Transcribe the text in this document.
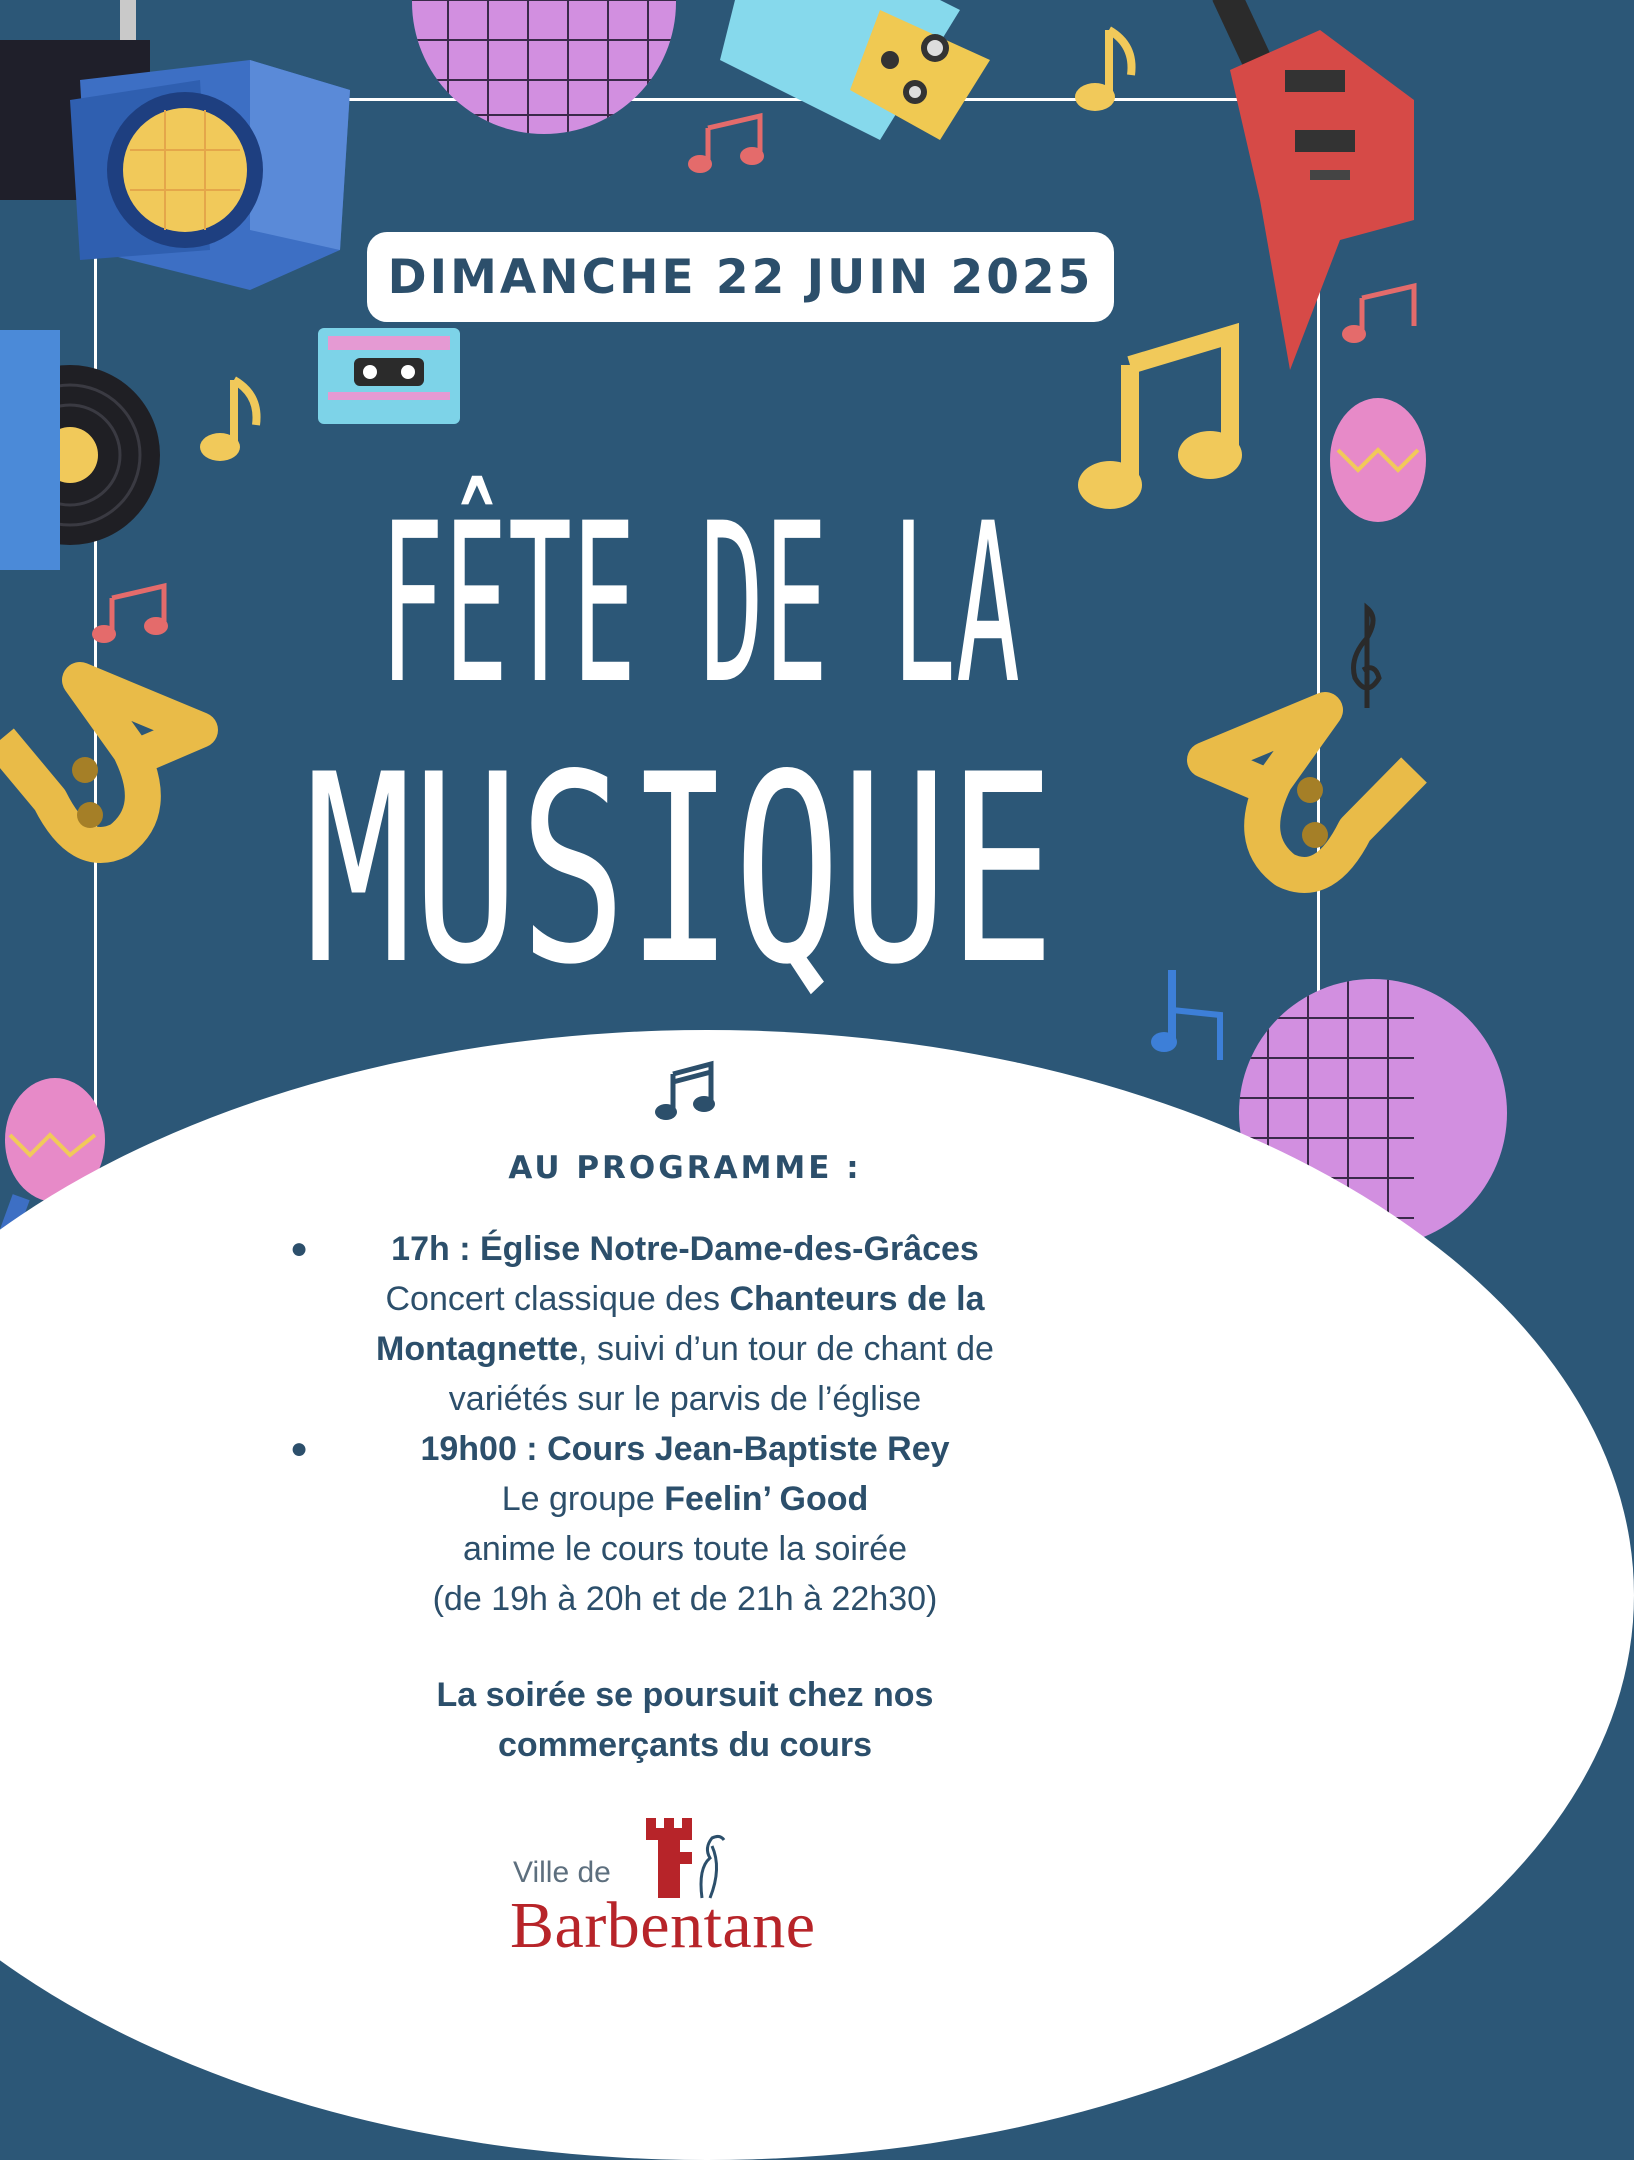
DIMANCHE 22 JUIN 2025
FÊTE DE LA
MUSIQUE
AU PROGRAMME :
● 17h : Église Notre-Dame-des-Grâces
Concert classique des Chanteurs de la
Montagnette, suivi d’un tour de chant de
variétés sur le parvis de l’église
●	19h00 : Cours Jean-Baptiste Rey
Le groupe Feelin’ Good
anime le cours toute la soirée
(de 19h à 20h et de 21h à 22h30)
La soirée se poursuit chez nos
commerçants du cours
Ville de
Barbentane
